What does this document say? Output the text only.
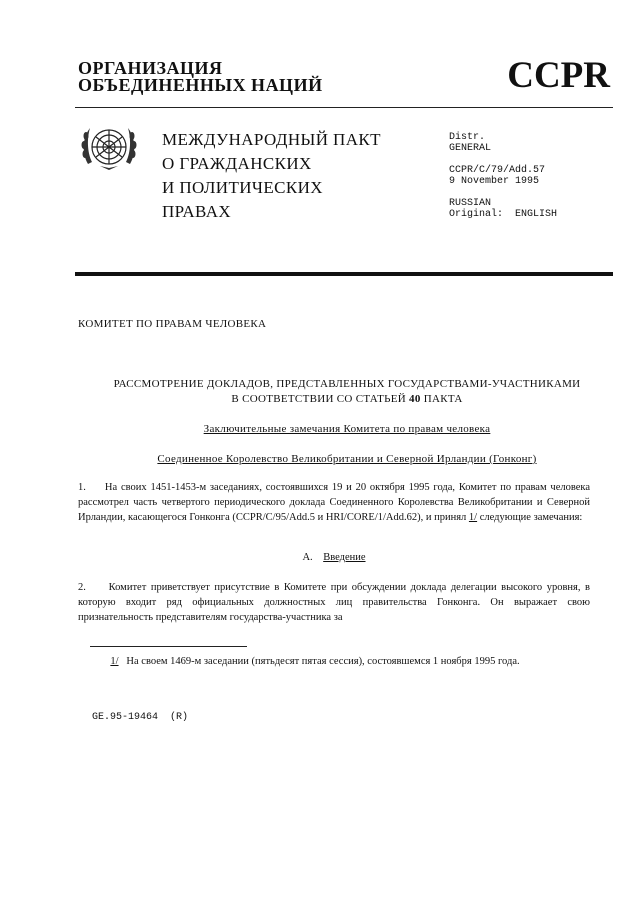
ОРГАНИЗАЦИЯ
ОБЪЕДИНЕННЫХ НАЦИЙ	CCPR
МЕЖДУНАРОДНЫЙ ПАКТ
О ГРАЖДАНСКИХ
И ПОЛИТИЧЕСКИХ
ПРАВАХ
Distr.
GENERAL
CCPR/C/79/Add.57
9 November 1995
RUSSIAN
Original:  ENGLISH
КОМИТЕТ ПО ПРАВАМ ЧЕЛОВЕКА
РАССМОТРЕНИЕ ДОКЛАДОВ, ПРЕДСТАВЛЕННЫХ ГОСУДАРСТВАМИ-УЧАСТНИКАМИ
В СООТВЕТСТВИИ СО СТАТЬЕЙ 40 ПАКТА
Заключительные замечания Комитета по правам человека
Соединенное Королевство Великобритании и Северной Ирландии (Гонконг)
1. На своих 1451-1453-м заседаниях, состоявшихся 19 и 20 октября 1995 года, Комитет по правам человека рассмотрел часть четвертого периодического доклада Соединенного Королевства Великобритании и Северной Ирландии, касающегося Гонконга (CCPR/C/95/Add.5 и HRI/CORE/1/Add.62), и принял 1/ следующие замечания:
A. Введение
2. Комитет приветствует присутствие в Комитете при обсуждении доклада делегации высокого уровня, в которую входит ряд официальных должностных лиц правительства Гонконга. Он выражает свою признательность представителям государства-участника за
1/ На своем 1469-м заседании (пятьдесят пятая сессия), состоявшемся 1 ноября 1995 года.
GE.95-19464  (R)
